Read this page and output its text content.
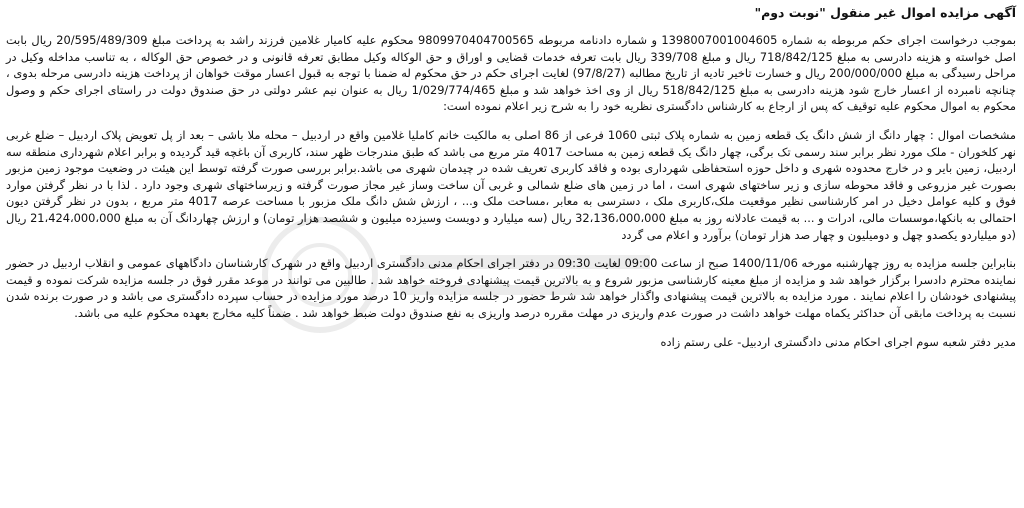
آگهی مزایده اموال غیر منقول "نوبت دوم"

بموجب درخواست اجرای حکم مربوطه به شماره 1398007001004605 و شماره دادنامه مربوطه 9809970404700565 محکوم علیه کامیار غلامین فرزند راشد به پرداخت مبلغ 20/595/489/309 ریال بابت اصل خواسته و هزینه دادرسی به مبلغ 718/842/125 ریال و مبلغ 339/708 ریال بابت تعرفه خدمات قضایی و اوراق و حق الوکاله وکیل مطابق تعرفه قانونی و در خصوص حق الوکاله ، به تناسب مداخله وکیل در مراحل رسیدگی به مبلغ 200/000/000 ریال و خسارت تاخیر تادیه از تاریخ مطالبه (97/8/27) لغایت اجرای حکم در حق محکوم له ضمنا با توجه به قبول اعسار موقت خواهان از پرداخت هزینه دادرسی مرحله بدوی ، چنانچه نامبرده از اعسار خارج شود هزینه دادرسی به مبلغ 518/842/125 ریال از وی اخذ خواهد شد و مبلغ 1/029/774/465 ریال به عنوان نیم عشر دولتی در حق صندوق دولت در راستای اجرای حکم و وصول محکوم به اموال محکوم علیه توقیف که پس از ارجاع به کارشناس دادگستری نظریه خود را به شرح زیر اعلام نموده است:

مشخصات اموال : چهار دانگ از شش دانگ یک قطعه زمین به شماره پلاک ثبتی 1060 فرعی از 86 اصلی به مالکیت خانم کاملیا غلامین واقع در اردبیل – محله ملا باشی – بعد از پل تعویض پلاک اردبیل – ضلع غربی نهر کلخوران - ملک مورد نظر برابر سند رسمی تک برگی، چهار دانگ یک قطعه زمین به مساحت 4017 متر مربع می باشد که طبق مندرجات ظهر سند، کاربری آن باغچه قید گردیده و برابر اعلام شهرداری منطقه سه اردبیل، زمین بایر و در خارج محدوده شهری و داخل حوزه استحفاظی شهرداری بوده و فاقد کاربری تعریف شده در چیدمان شهری می باشد.برابر بررسی صورت گرفته توسط این هیئت در وضعیت موجود زمین مزبور بصورت غیر مزروعی و فاقد محوطه سازی و زیر ساختهای شهری است ، اما در زمین های ضلع شمالی و غربی آن ساخت وساز غیر مجاز صورت گرفته و زیرساختهای شهری وجود دارد . لذا با در نظر گرفتن موارد فوق و کلیه عوامل دخیل در امر کارشناسی نظیر موقعیت ملک،کاربری ملک ، دسترسی به معابر ،مساحت ملک و... ، ارزش شش دانگ ملک مزبور با مساحت عرصه 4017 متر مربع ، بدون در نظر گرفتن دیون احتمالی به بانکها،موسسات مالی، ادرات و ... به قیمت عادلانه روز به مبلغ 32،136،000،000 ریال (سه میلیارد و دویست وسیزده میلیون و ششصد هزار تومان) و ارزش چهاردانگ آن به مبلغ 21،424،000،000 ریال (دو میلیاردو یکصدو چهل و دومیلیون و چهار صد هزار تومان) برآورد و اعلام می گردد

بنابراین جلسه مزایده به روز چهارشنبه مورخه 1400/11/06 صبح از ساعت 09:00 لغایت 09:30 در دفتر اجرای احکام مدنی دادگستری اردبیل واقع در شهرک کارشناسان دادگاههای عمومی و انقلاب اردبیل در حضور نماینده محترم دادسرا برگزار خواهد شد و مزایده از مبلغ معینه کارشناسی مزبور شروع و به بالاترین قیمت پیشنهادی فروخته خواهد شد . طالبین می توانند در موعد مقرر فوق در جلسه مزایده شرکت نموده و قیمت پیشنهادی خودشان را اعلام نمایند . مورد مزایده به بالاترین قیمت پیشنهادی واگذار خواهد شد شرط حضور در جلسه مزایده واریز 10 درصد مورد مزایده در حساب سپرده دادگستری می باشد و در صورت برنده شدن نسبت به پرداخت مابقی آن حداکثر یکماه مهلت خواهد داشت در صورت عدم واریزی در مهلت مقرره درصد واریزی به نفع صندوق دولت ضبط خواهد شد . ضمناً کلیه مخارج بعهده محکوم علیه می باشد.

مدیر دفتر شعبه سوم اجرای احکام مدنی دادگستری اردبیل- علی رستم زاده
